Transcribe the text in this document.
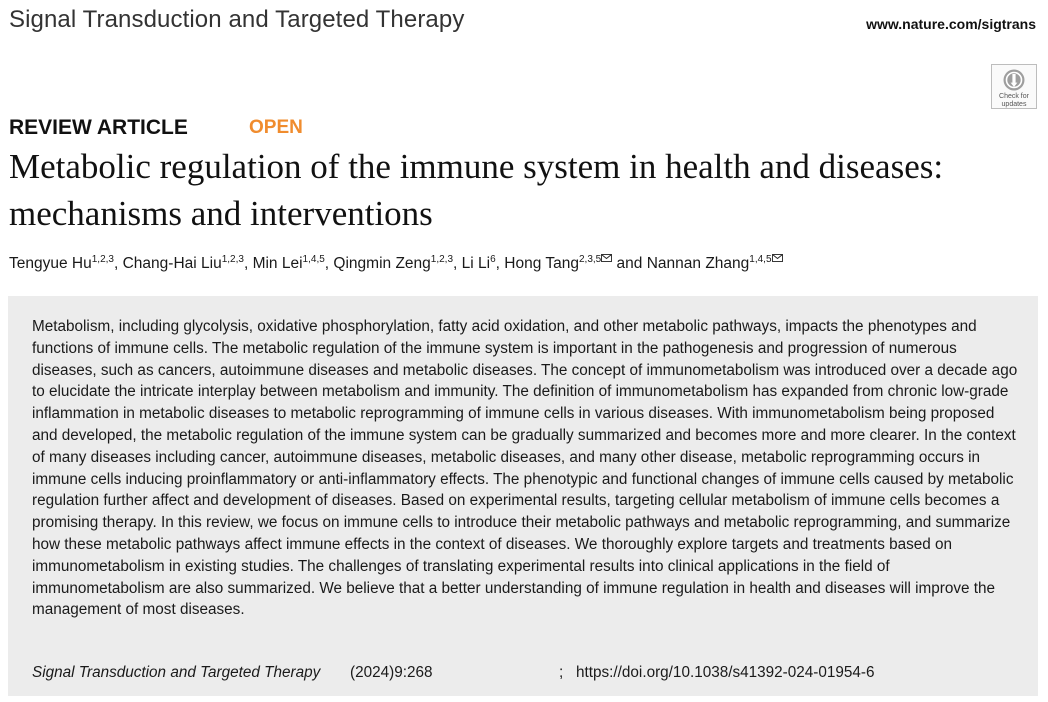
Signal Transduction and Targeted Therapy	www.nature.com/sigtrans
Check for
updates
REVIEW ARTICLE	OPEN
Metabolic regulation of the immune system in health and diseases: mechanisms and interventions
Tengyue Hu$^{1,2,3}$, Chang-Hai Liu$^{1,2,3}$, Min Lei$^{1,4,5}$, Qingmin Zeng$^{1,2,3}$, Li Li$^6$, Hong Tang$^{2,3,5}$ and Nannan Zhang$^{1,4,5}$

Metabolism, including glycolysis, oxidative phosphorylation, fatty acid oxidation, and other metabolic pathways, impacts the phenotypes and functions of immune cells. The metabolic regulation of the immune system is important in the pathogenesis and progression of numerous diseases, such as cancers, autoimmune diseases and metabolic diseases. The concept of immunometabolism was introduced over a decade ago to elucidate the intricate interplay between metabolism and immunity. The definition of immunometabolism has expanded from chronic low-grade inflammation in metabolic diseases to metabolic reprogramming of immune cells in various diseases. With immunometabolism being proposed and developed, the metabolic regulation of the immune system can be gradually summarized and becomes more and more clearer. In the context of many diseases including cancer, autoimmune diseases, metabolic diseases, and many other disease, metabolic reprogramming occurs in immune cells inducing proinflammatory or anti-inflammatory effects. The phenotypic and functional changes of immune cells caused by metabolic regulation further affect and development of diseases. Based on experimental results, targeting cellular metabolism of immune cells becomes a promising therapy. In this review, we focus on immune cells to introduce their metabolic pathways and metabolic reprogramming, and summarize how these metabolic pathways affect immune effects in the context of diseases. We thoroughly explore targets and treatments based on immunometabolism in existing studies. The challenges of translating experimental results into clinical applications in the field of immunometabolism are also summarized. We believe that a better understanding of immune regulation in health and diseases will improve the management of most diseases.

Signal Transduction and Targeted Therapy (2024)9:268	; https://doi.org/10.1038/s41392-024-01954-6
